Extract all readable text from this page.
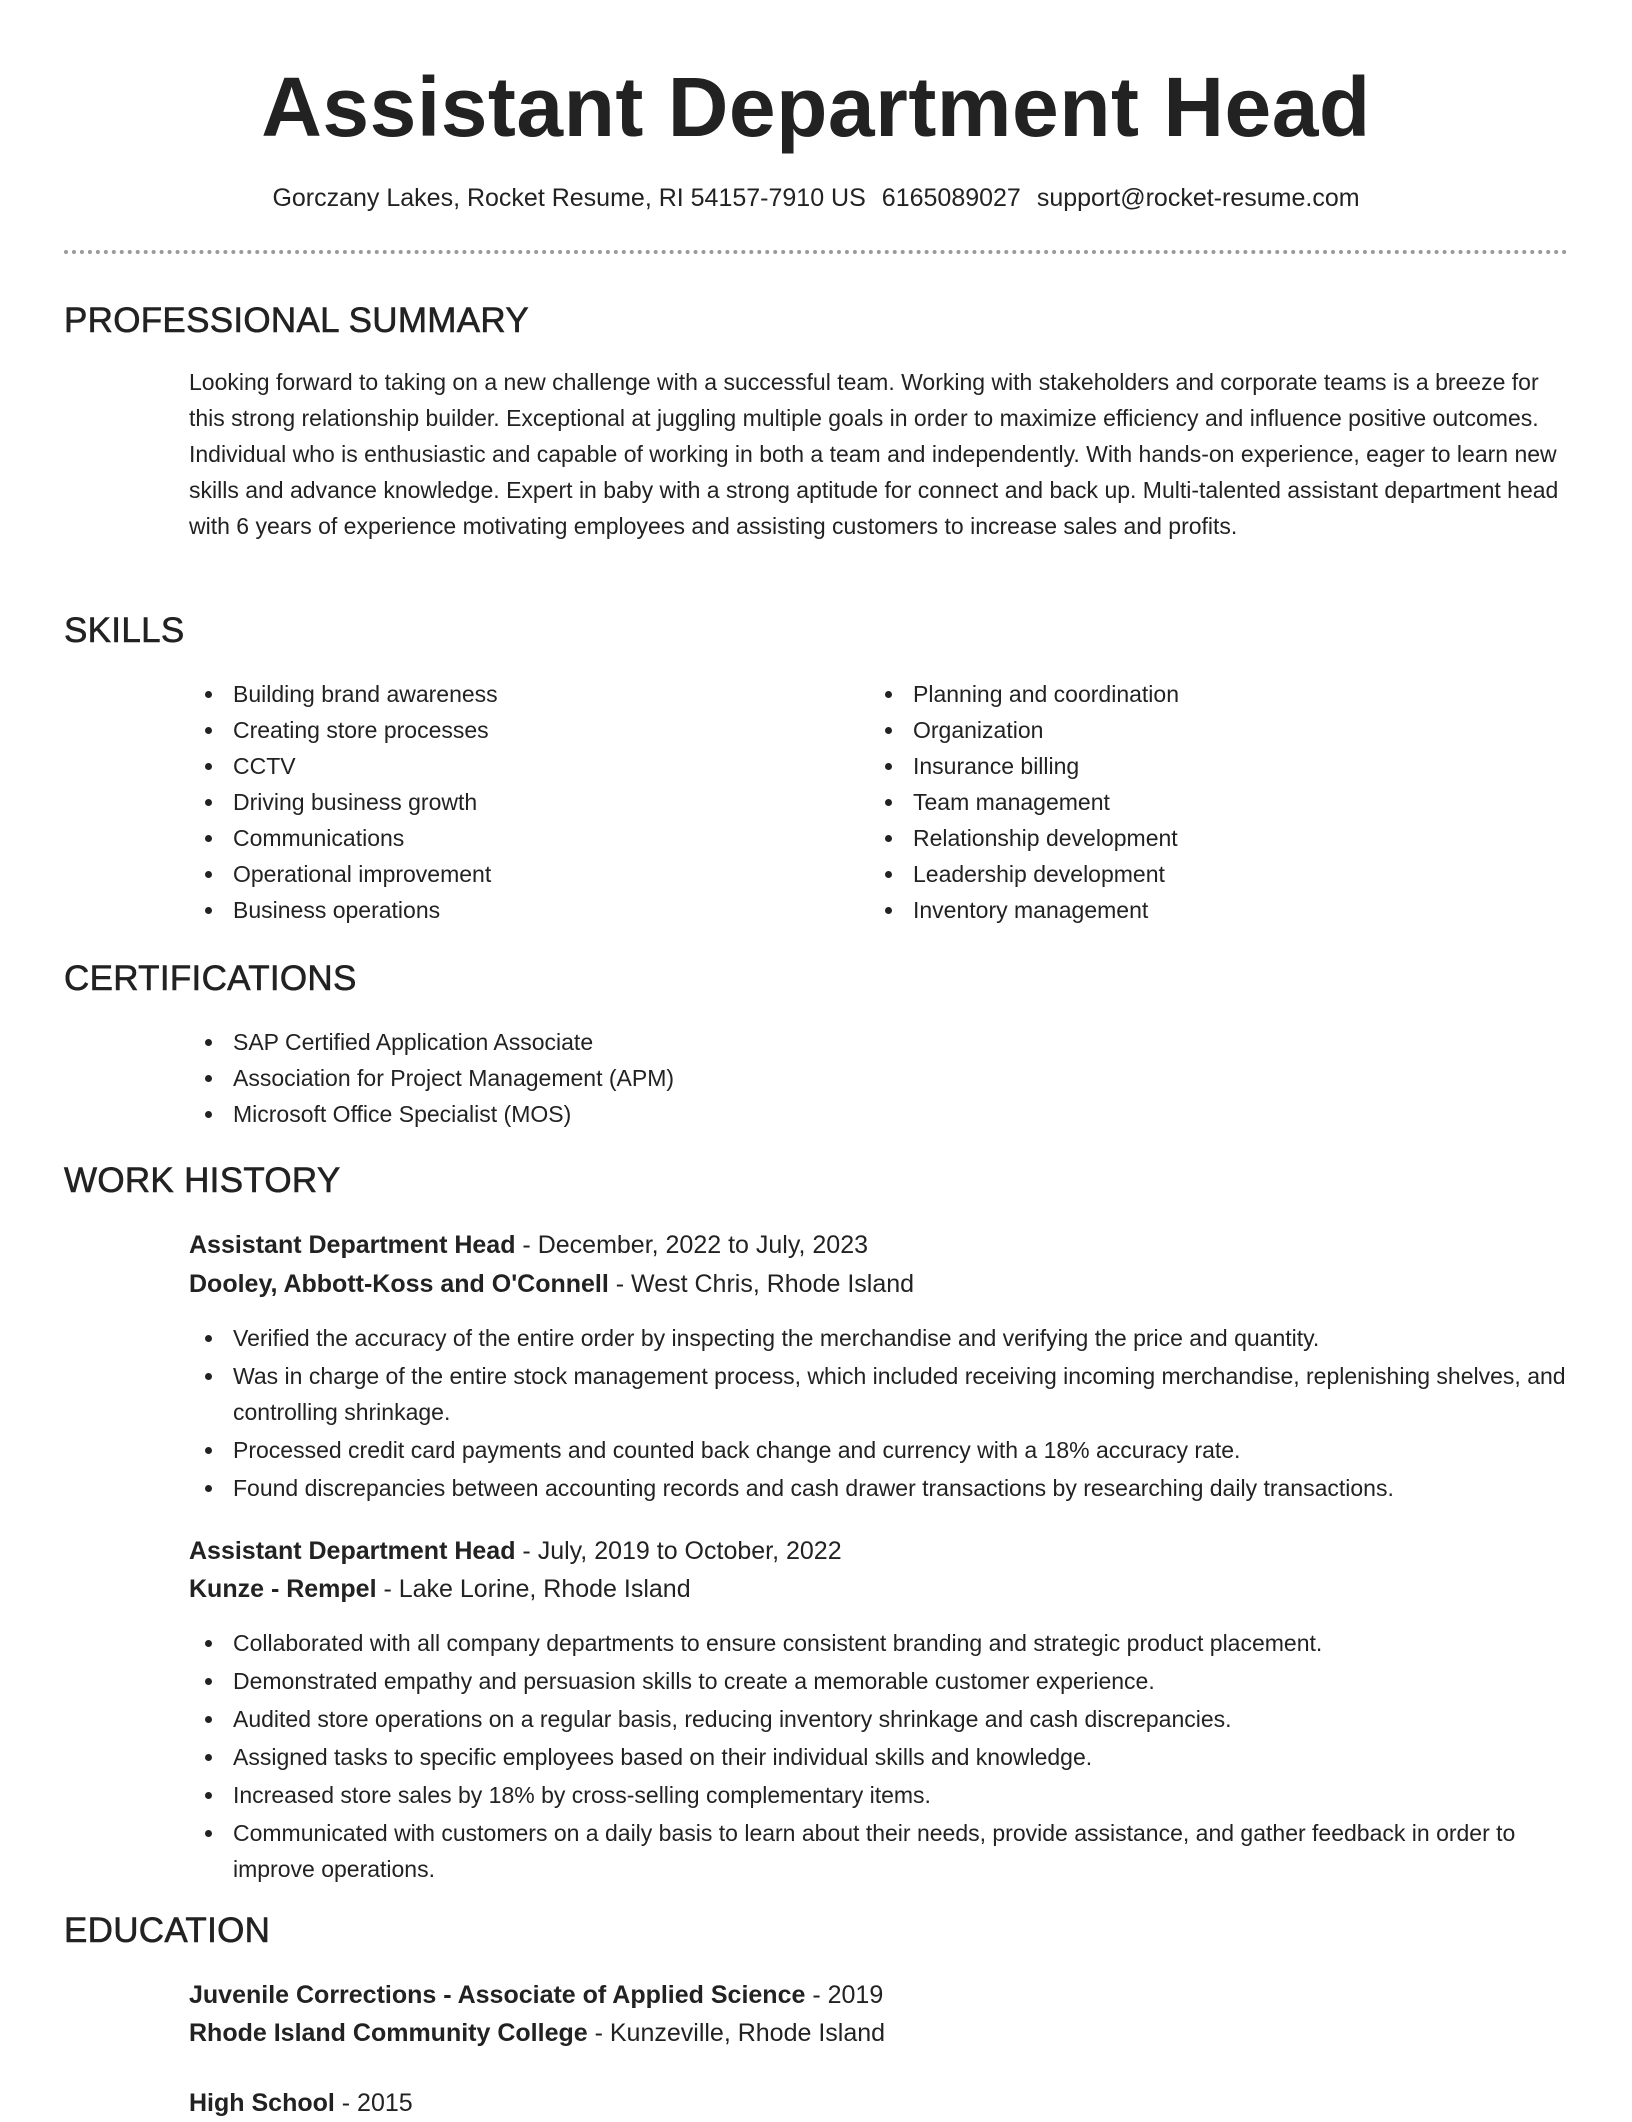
Assistant Department Head
Gorczany Lakes, Rocket Resume, RI 54157-7910 US 6165089027 support@rocket-resume.com
PROFESSIONAL SUMMARY

Looking forward to taking on a new challenge with a successful team. Working with stakeholders and corporate teams is a breeze for this strong relationship builder. Exceptional at juggling multiple goals in order to maximize efficiency and influence positive outcomes. Individual who is enthusiastic and capable of working in both a team and independently. With hands-on experience, eager to learn new skills and advance knowledge. Expert in baby with a strong aptitude for connect and back up. Multi-talented assistant department head with 6 years of experience motivating employees and assisting customers to increase sales and profits.

SKILLS
Building brand awareness
Creating store processes
CCTV
Driving business growth
Communications
Operational improvement
Business operations
Planning and coordination
Organization
Insurance billing
Team management
Relationship development
Leadership development
Inventory management
CERTIFICATIONS
SAP Certified Application Associate
Association for Project Management (APM)
Microsoft Office Specialist (MOS)
WORK HISTORY
Assistant Department Head - December, 2022 to July, 2023
Dooley, Abbott-Koss and O'Connell - West Chris, Rhode Island
Verified the accuracy of the entire order by inspecting the merchandise and verifying the price and quantity.
Was in charge of the entire stock management process, which included receiving incoming merchandise, replenishing shelves, and controlling shrinkage.
Processed credit card payments and counted back change and currency with a 18% accuracy rate.
Found discrepancies between accounting records and cash drawer transactions by researching daily transactions.
Assistant Department Head - July, 2019 to October, 2022
Kunze - Rempel - Lake Lorine, Rhode Island
Collaborated with all company departments to ensure consistent branding and strategic product placement.
Demonstrated empathy and persuasion skills to create a memorable customer experience.
Audited store operations on a regular basis, reducing inventory shrinkage and cash discrepancies.
Assigned tasks to specific employees based on their individual skills and knowledge.
Increased store sales by 18% by cross-selling complementary items.
Communicated with customers on a daily basis to learn about their needs, provide assistance, and gather feedback in order to improve operations.
EDUCATION
Juvenile Corrections - Associate of Applied Science - 2019
Rhode Island Community College - Kunzeville, Rhode Island
High School - 2015
